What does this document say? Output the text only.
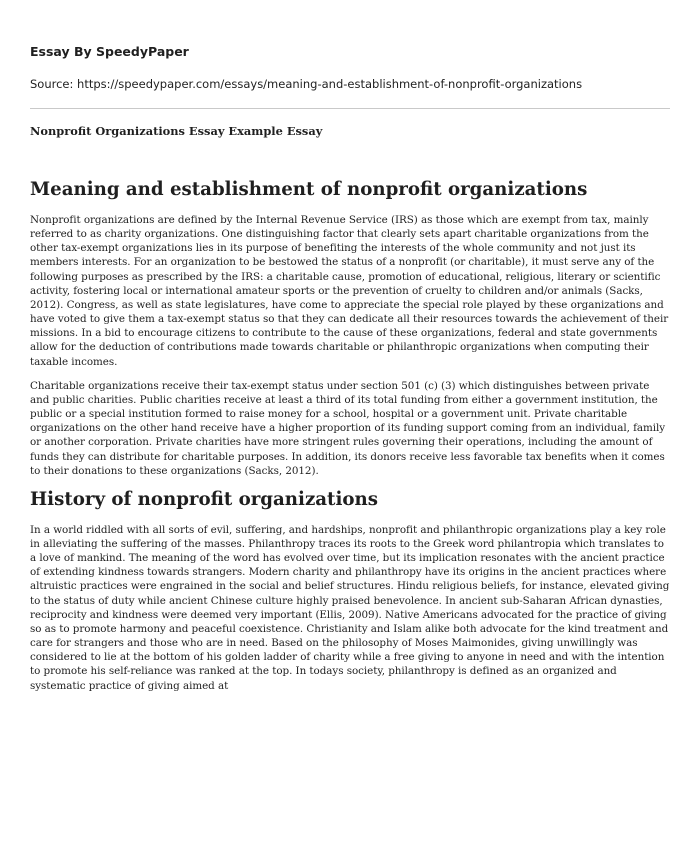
Essay By SpeedyPaper
Source: https://speedypaper.com/essays/meaning-and-establishment-of-nonprofit-organizations
Nonprofit Organizations Essay Example Essay
Meaning and establishment of nonprofit organizations

Nonprofit organizations are defined by the Internal Revenue Service (IRS) as those which are exempt from tax, mainly referred to as charity organizations. One distinguishing factor that clearly sets apart charitable organizations from the other tax-exempt organizations lies in its purpose of benefiting the interests of the whole community and not just its members interests. For an organization to be bestowed the status of a nonprofit (or charitable), it must serve any of the following purposes as prescribed by the IRS: a charitable cause, promotion of educational, religious, literary or scientific activity, fostering local or international amateur sports or the prevention of cruelty to children and/or animals (Sacks, 2012). Congress, as well as state legislatures, have come to appreciate the special role played by these organizations and have voted to give them a tax-exempt status so that they can dedicate all their resources towards the achievement of their missions. In a bid to encourage citizens to contribute to the cause of these organizations, federal and state governments allow for the deduction of contributions made towards charitable or philanthropic organizations when computing their taxable incomes.

Charitable organizations receive their tax-exempt status under section 501 (c) (3) which distinguishes between private and public charities. Public charities receive at least a third of its total funding from either a government institution, the public or a special institution formed to raise money for a school, hospital or a government unit. Private charitable organizations on the other hand receive have a higher proportion of its funding support coming from an individual, family or another corporation. Private charities have more stringent rules governing their operations, including the amount of funds they can distribute for charitable purposes. In addition, its donors receive less favorable tax benefits when it comes to their donations to these organizations (Sacks, 2012).

History of nonprofit organizations

In a world riddled with all sorts of evil, suffering, and hardships, nonprofit and philanthropic organizations play a key role in alleviating the suffering of the masses. Philanthropy traces its roots to the Greek word philantropia which translates to a love of mankind. The meaning of the word has evolved over time, but its implication resonates with the ancient practice of extending kindness towards strangers. Modern charity and philanthropy have its origins in the ancient practices where altruistic practices were engrained in the social and belief structures. Hindu religious beliefs, for instance, elevated giving to the status of duty while ancient Chinese culture highly praised benevolence. In ancient sub-Saharan African dynasties, reciprocity and kindness were deemed very important (Ellis, 2009). Native Americans advocated for the practice of giving so as to promote harmony and peaceful coexistence. Christianity and Islam alike both advocate for the kind treatment and care for strangers and those who are in need. Based on the philosophy of Moses Maimonides, giving unwillingly was considered to lie at the bottom of his golden ladder of charity while a free giving to anyone in need and with the intention to promote his self-reliance was ranked at the top. In todays society, philanthropy is defined as an organized and systematic practice of giving aimed at
